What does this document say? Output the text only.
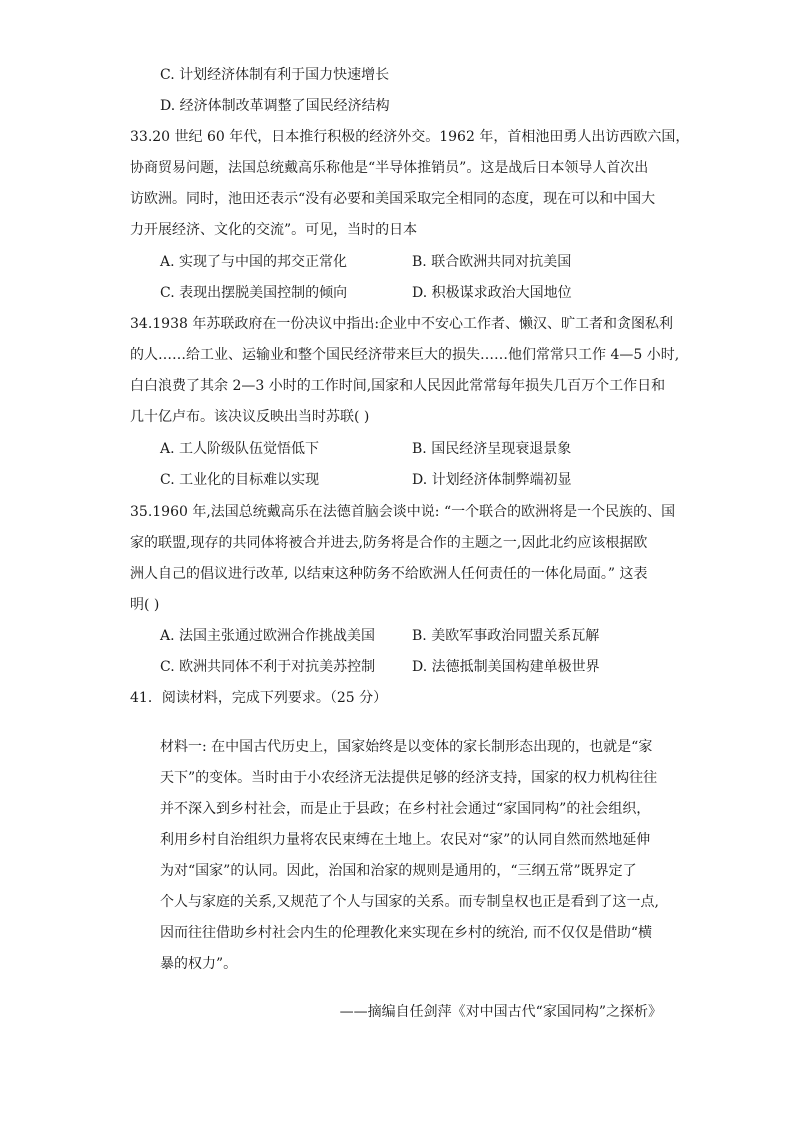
C. 计划经济体制有利于国力快速增长
D. 经济体制改革调整了国民经济结构
33.20 世纪 60 年代，日本推行积极的经济外交。1962 年，首相池田勇人出访西欧六国，
协商贸易问题，法国总统戴高乐称他是“半导体推销员”。这是战后日本领导人首次出
访欧洲。同时，池田还表示“没有必要和美国采取完全相同的态度，现在可以和中国大
力开展经济、文化的交流”。可见，当时的日本
A. 实现了与中国的邦交正常化	B. 联合欧洲共同对抗美国
C. 表现出摆脱美国控制的倾向	D. 积极谋求政治大国地位
34.1938 年苏联政府在一份决议中指出:企业中不安心工作者、懒汉、旷工者和贪图私利
的人……给工业、运输业和整个国民经济带来巨大的损失……他们常常只工作 4—5 小时,
白白浪费了其余 2—3 小时的工作时间,国家和人民因此常常每年损失几百万个工作日和
几十亿卢布。该决议反映出当时苏联( )
A. 工人阶级队伍觉悟低下	B. 国民经济呈现衰退景象
C. 工业化的目标难以实现	D. 计划经济体制弊端初显
35.1960 年,法国总统戴高乐在法德首脑会谈中说: “一个联合的欧洲将是一个民族的、国
家的联盟,现存的共同体将被合并进去,防务将是合作的主题之一,因此北约应该根据欧
洲人自己的倡议进行改革, 以结束这种防务不给欧洲人任何责任的一体化局面。” 这表
明( )
A. 法国主张通过欧洲合作挑战美国	B. 美欧军事政治同盟关系瓦解
C. 欧洲共同体不利于对抗美苏控制	D. 法德抵制美国构建单极世界
41．阅读材料，完成下列要求。（25 分）
材料一: 在中国古代历史上，国家始终是以变体的家长制形态出现的，也就是“家
天下”的变体。当时由于小农经济无法提供足够的经济支持，国家的权力机构往往
并不深入到乡村社会，而是止于县政；在乡村社会通过“家国同构”的社会组织，
利用乡村自治组织力量将农民束缚在土地上。农民对“家”的认同自然而然地延伸
为对“国家”的认同。因此，治国和治家的规则是通用的，“三纲五常”既界定了
个人与家庭的关系,又规范了个人与国家的关系。而专制皇权也正是看到了这一点,
因而往往借助乡村社会内生的伦理教化来实现在乡村的统治, 而不仅仅是借助“横
暴的权力”。
——摘编自任剑萍《对中国古代“家国同构”之探析》
